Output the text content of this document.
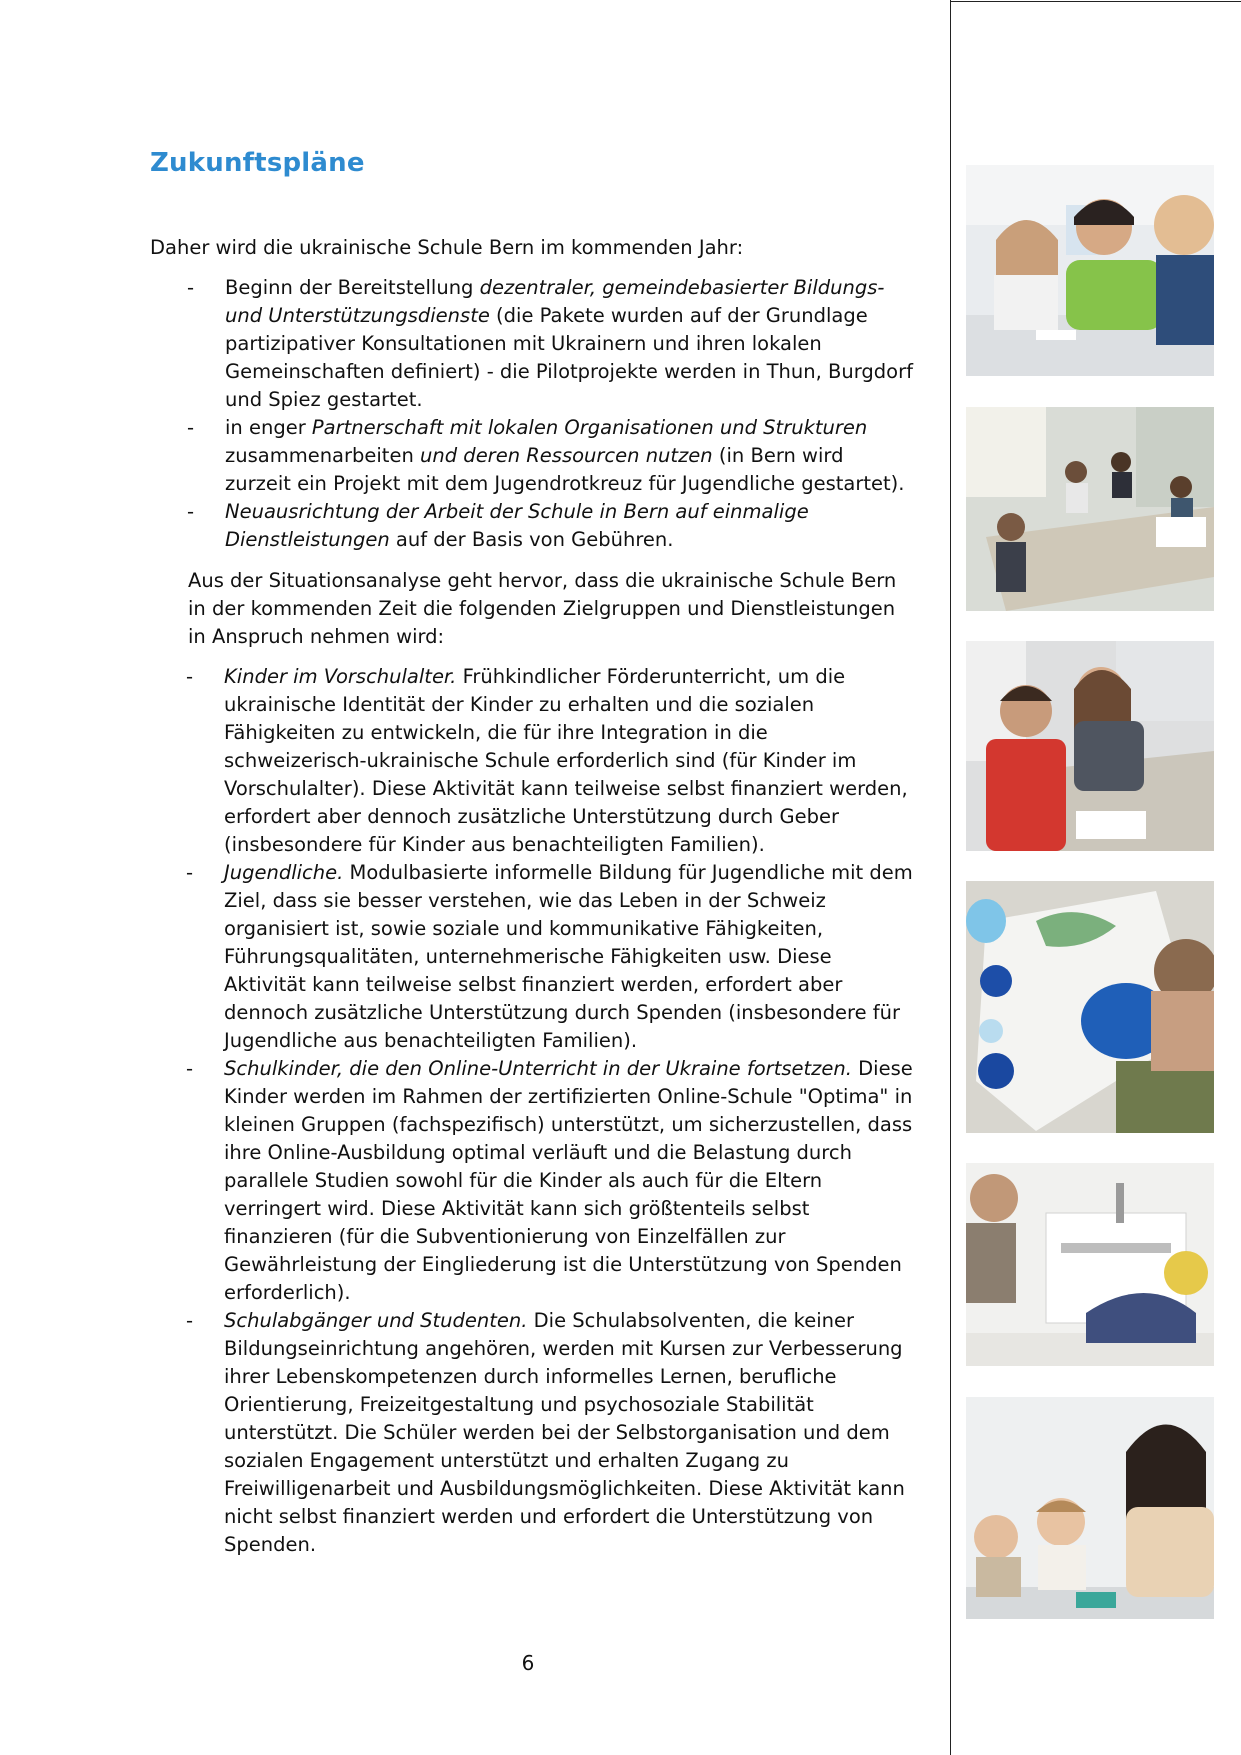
Zukunftspläne
Daher wird die ukrainische Schule Bern im kommenden Jahr:
- Beginn der Bereitstellung dezentraler, gemeindebasierter Bildungs- und Unterstützungsdienste (die Pakete wurden auf der Grundlage partizipativer Konsultationen mit Ukrainern und ihren lokalen Gemeinschaften definiert) - die Pilotprojekte werden in Thun, Burgdorf und Spiez gestartet.
- in enger Partnerschaft mit lokalen Organisationen und Strukturen zusammenarbeiten und deren Ressourcen nutzen (in Bern wird zurzeit ein Projekt mit dem Jugendrotkreuz für Jugendliche gestartet).
- Neuausrichtung der Arbeit der Schule in Bern auf einmalige Dienstleistungen auf der Basis von Gebühren.
Aus der Situationsanalyse geht hervor, dass die ukrainische Schule Bern in der kommenden Zeit die folgenden Zielgruppen und Dienstleistungen in Anspruch nehmen wird:
- Kinder im Vorschulalter. Frühkindlicher Förderunterricht, um die ukrainische Identität der Kinder zu erhalten und die sozialen Fähigkeiten zu entwickeln, die für ihre Integration in die schweizerisch-ukrainische Schule erforderlich sind (für Kinder im Vorschulalter). Diese Aktivität kann teilweise selbst finanziert werden, erfordert aber dennoch zusätzliche Unterstützung durch Geber (insbesondere für Kinder aus benachteiligten Familien).
- Jugendliche. Modulbasierte informelle Bildung für Jugendliche mit dem Ziel, dass sie besser verstehen, wie das Leben in der Schweiz organisiert ist, sowie soziale und kommunikative Fähigkeiten, Führungsqualitäten, unternehmerische Fähigkeiten usw. Diese Aktivität kann teilweise selbst finanziert werden, erfordert aber dennoch zusätzliche Unterstützung durch Spenden (insbesondere für Jugendliche aus benachteiligten Familien).
- Schulkinder, die den Online-Unterricht in der Ukraine fortsetzen. Diese Kinder werden im Rahmen der zertifizierten Online-Schule "Optima" in kleinen Gruppen (fachspezifisch) unterstützt, um sicherzustellen, dass ihre Online-Ausbildung optimal verläuft und die Belastung durch parallele Studien sowohl für die Kinder als auch für die Eltern verringert wird. Diese Aktivität kann sich größtenteils selbst finanzieren (für die Subventionierung von Einzelfällen zur Gewährleistung der Eingliederung ist die Unterstützung von Spenden erforderlich).
- Schulabgänger und Studenten. Die Schulabsolventen, die keiner Bildungseinrichtung angehören, werden mit Kursen zur Verbesserung ihrer Lebenskompetenzen durch informelles Lernen, berufliche Orientierung, Freizeitgestaltung und psychosoziale Stabilität unterstützt. Die Schüler werden bei der Selbstorganisation und dem sozialen Engagement unterstützt und erhalten Zugang zu Freiwilligenarbeit und Ausbildungsmöglichkeiten. Diese Aktivität kann nicht selbst finanziert werden und erfordert die Unterstützung von Spenden.
6
